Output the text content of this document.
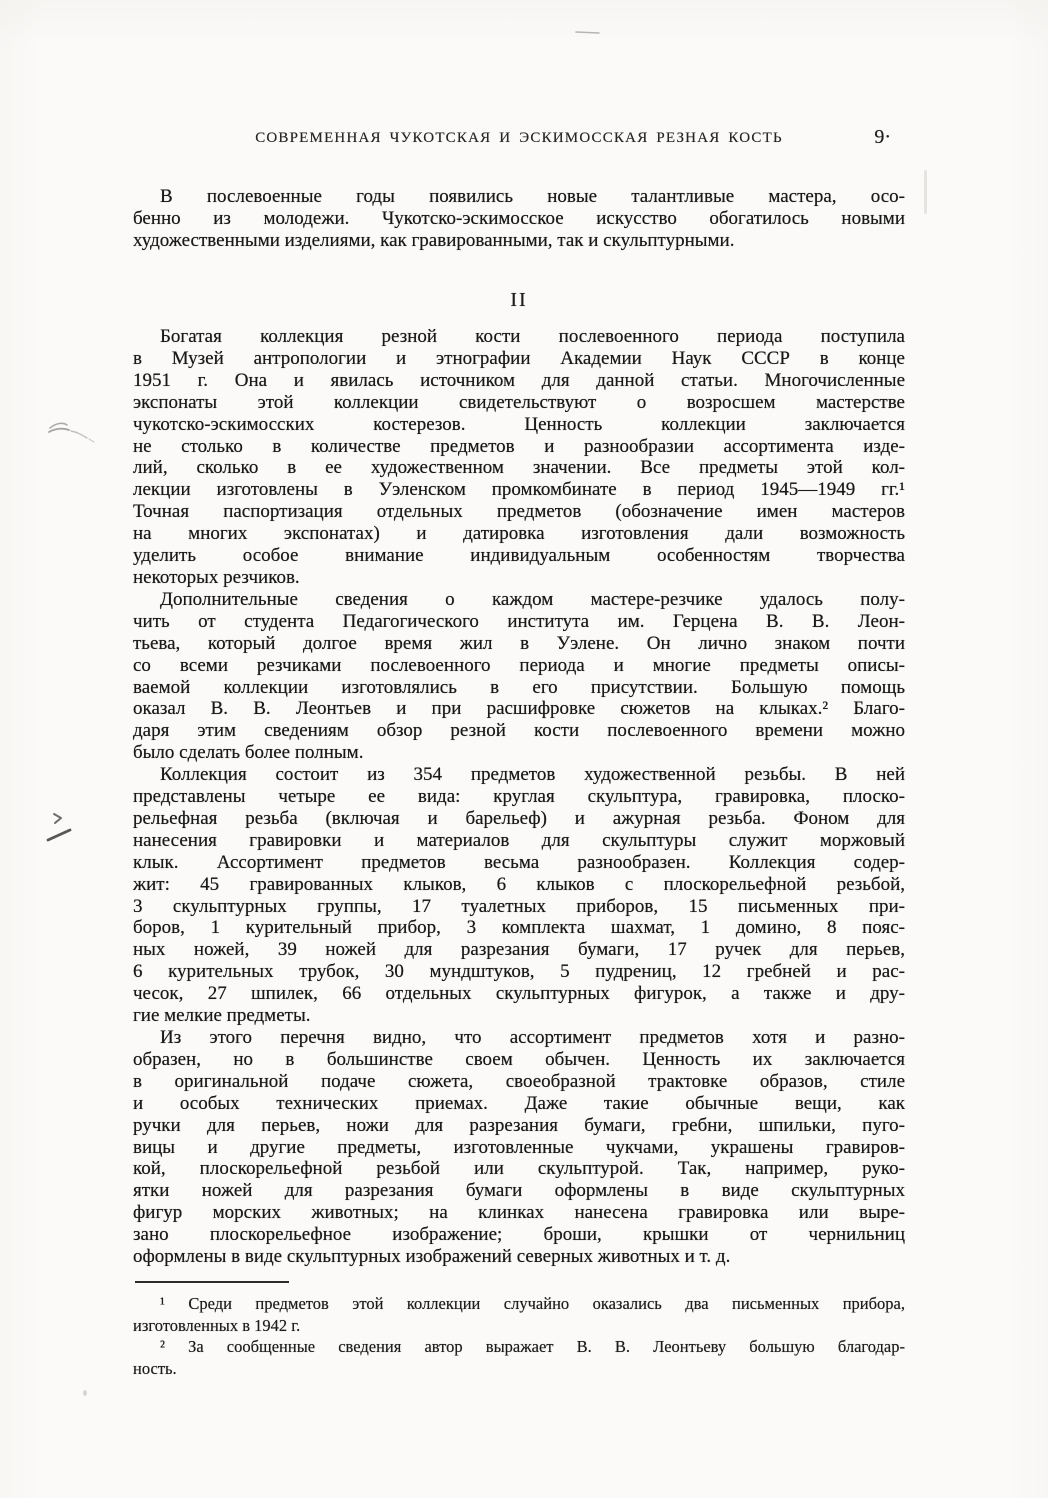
СОВРЕМЕННАЯ ЧУКОТСКАЯ И ЭСКИМОССКАЯ РЕЗНАЯ КОСТЬ	9·
В послевоенные годы появились новые талантливые мастера, осо-
бенно из молодежи. Чукотско-эскимосское искусство обогатилось новыми
художественными изделиями, как гравированными, так и скульптурными.
II
Богатая коллекция резной кости послевоенного периода поступила
в Музей антропологии и этнографии Академии Наук СССР в конце
1951 г. Она и явилась источником для данной статьи. Многочисленные
экспонаты этой коллекции свидетельствуют о возросшем мастерстве
чукотско-эскимосских костерезов. Ценность коллекции заключается
не столько в количестве предметов и разнообразии ассортимента изде-
лий, сколько в ее художественном значении. Все предметы этой кол-
лекции изготовлены в Уэленском промкомбинате в период 1945—1949 гг.¹
Точная паспортизация отдельных предметов (обозначение имен мастеров
на многих экспонатах) и датировка изготовления дали возможность
уделить особое внимание индивидуальным особенностям творчества
некоторых резчиков.
Дополнительные сведения о каждом мастере-резчике удалось полу-
чить от студента Педагогического института им. Герцена В. В. Леон-
тьева, который долгое время жил в Уэлене. Он лично знаком почти
со всеми резчиками послевоенного периода и многие предметы описы-
ваемой коллекции изготовлялись в его присутствии. Большую помощь
оказал В. В. Леонтьев и при расшифровке сюжетов на клыках.² Благо-
даря этим сведениям обзор резной кости послевоенного времени можно
было сделать более полным.
Коллекция состоит из 354 предметов художественной резьбы. В ней
представлены четыре ее вида: круглая скульптура, гравировка, плоско-
рельефная резьба (включая и барельеф) и ажурная резьба. Фоном для
нанесения гравировки и материалов для скульптуры служит моржовый
клык. Ассортимент предметов весьма разнообразен. Коллекция содер-
жит: 45 гравированных клыков, 6 клыков с плоскорельефной резьбой,
3 скульптурных группы, 17 туалетных приборов, 15 письменных при-
боров, 1 курительный прибор, 3 комплекта шахмат, 1 домино, 8 пояс-
ных ножей, 39 ножей для разрезания бумаги, 17 ручек для перьев,
6 курительных трубок, 30 мундштуков, 5 пудрениц, 12 гребней и рас-
чесок, 27 шпилек, 66 отдельных скульптурных фигурок, а также и дру-
гие мелкие предметы.
Из этого перечня видно, что ассортимент предметов хотя и разно-
образен, но в большинстве своем обычен. Ценность их заключается
в оригинальной подаче сюжета, своеобразной трактовке образов, стиле
и особых технических приемах. Даже такие обычные вещи, как
ручки для перьев, ножи для разрезания бумаги, гребни, шпильки, пуго-
вицы и другие предметы, изготовленные чукчами, украшены гравиров-
кой, плоскорельефной резьбой или скульптурой. Так, например, руко-
ятки ножей для разрезания бумаги оформлены в виде скульптурных
фигур морских животных; на клинках нанесена гравировка или выре-
зано плоскорельефное изображение; броши, крышки от чернильниц
оформлены в виде скульптурных изображений северных животных и т. д.
¹ Среди предметов этой коллекции случайно оказались два письменных прибора,
изготовленных в 1942 г.
² За сообщенные сведения автор выражает В. В. Леонтьеву большую благодар-
ность.
